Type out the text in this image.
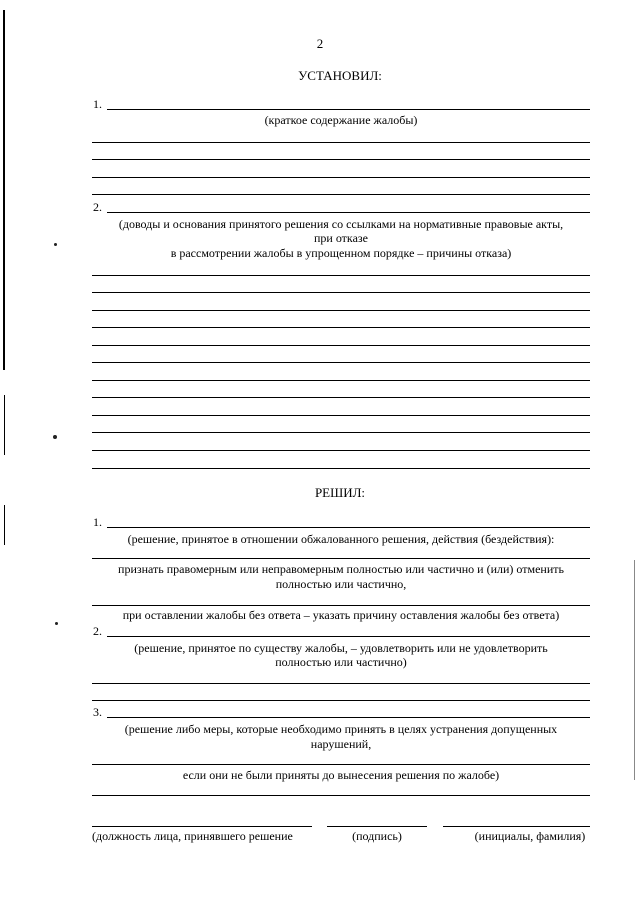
2
УСТАНОВИЛ:
1.
(краткое содержание жалобы)
2.
(доводы и основания принятого решения со ссылками на нормативные правовые акты,
при отказе
в рассмотрении жалобы в упрощенном порядке – причины отказа)
РЕШИЛ:
1.
(решение, принятое в отношении обжалованного решения, действия (бездействия):
признать правомерным или неправомерным полностью или частично и (или) отменить
полностью или частично,
при оставлении жалобы без ответа – указать причину оставления жалобы без ответа)
2.
(решение, принятое по существу жалобы, – удовлетворить или не удовлетворить
полностью или частично)
3.
(решение либо меры, которые необходимо принять в целях устранения допущенных
нарушений,
если они не были приняты до вынесения решения по жалобе)
(должность лица, принявшего решение	(подпись)	(инициалы, фамилия)
